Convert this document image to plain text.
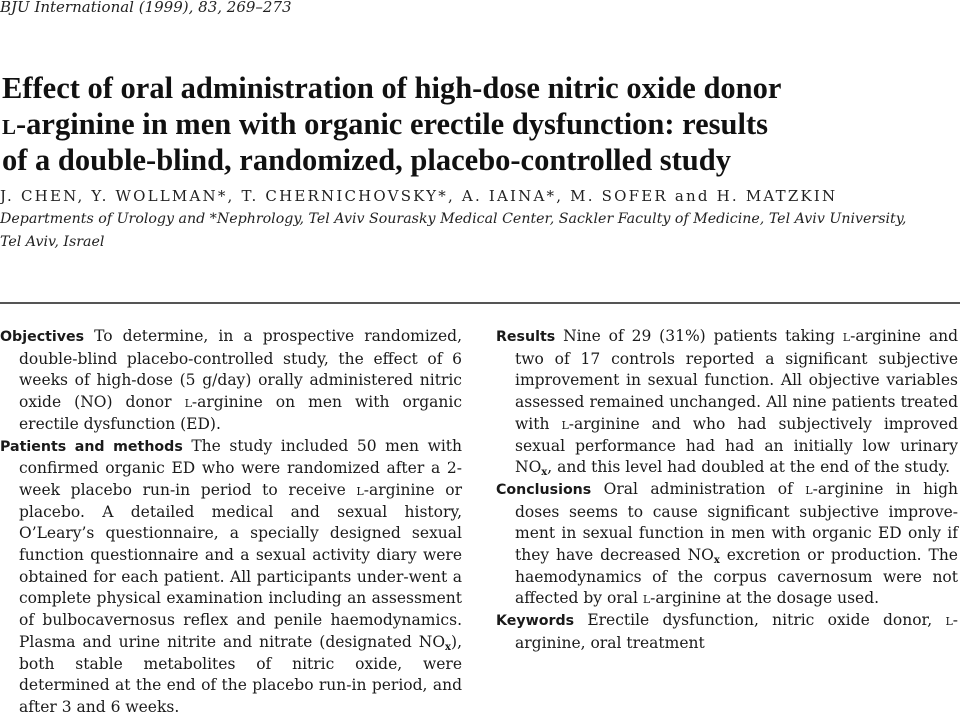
BJU International (1999), 83, 269–273
Effect of oral administration of high-dose nitric oxide donor
l-arginine in men with organic erectile dysfunction: results
of a double-blind, randomized, placebo-controlled study
J. CHEN, Y. WOLLMAN*, T. CHERNICHOVSKY*, A. IAINA*, M. SOFER and H. MATZKIN
Departments of Urology and *Nephrology, Tel Aviv Sourasky Medical Center, Sackler Faculty of Medicine, Tel Aviv University, Tel Aviv, Israel

Objectives To determine, in a prospective randomized, double-blind placebo-controlled study, the effect of 6 weeks of high-dose (5 g/day) orally administered nitric oxide (NO) donor l-arginine on men with organic erectile dysfunction (ED).

Patients and methods The study included 50 men with confirmed organic ED who were randomized after a 2-week placebo run-in period to receive l-arginine or placebo. A detailed medical and sexual history, O’Leary’s questionnaire, a specially designed sexual function questionnaire and a sexual activity diary were obtained for each patient. All participants under-went a complete physical examination including an assessment of bulbocavernosus reflex and penile haemodynamics. Plasma and urine nitrite and nitrate (designated $NO_x$), both stable metabolites of nitric oxide, were determined at the end of the placebo run-in period, and after 3 and 6 weeks.

Results Nine of 29 (31%) patients taking l-arginine and two of 17 controls reported a significant subjective improvement in sexual function. All objective variables assessed remained unchanged. All nine patients treated with l-arginine and who had subjectively improved sexual performance had had an initially low urinary $NO_x$, and this level had doubled at the end of the study.

Conclusions Oral administration of l-arginine in high doses seems to cause significant subjective improve-ment in sexual function in men with organic ED only if they have decreased $NO_x$ excretion or production. The haemodynamics of the corpus cavernosum were not affected by oral l-arginine at the dosage used.

Keywords Erectile dysfunction, nitric oxide donor, l-arginine, oral treatment
